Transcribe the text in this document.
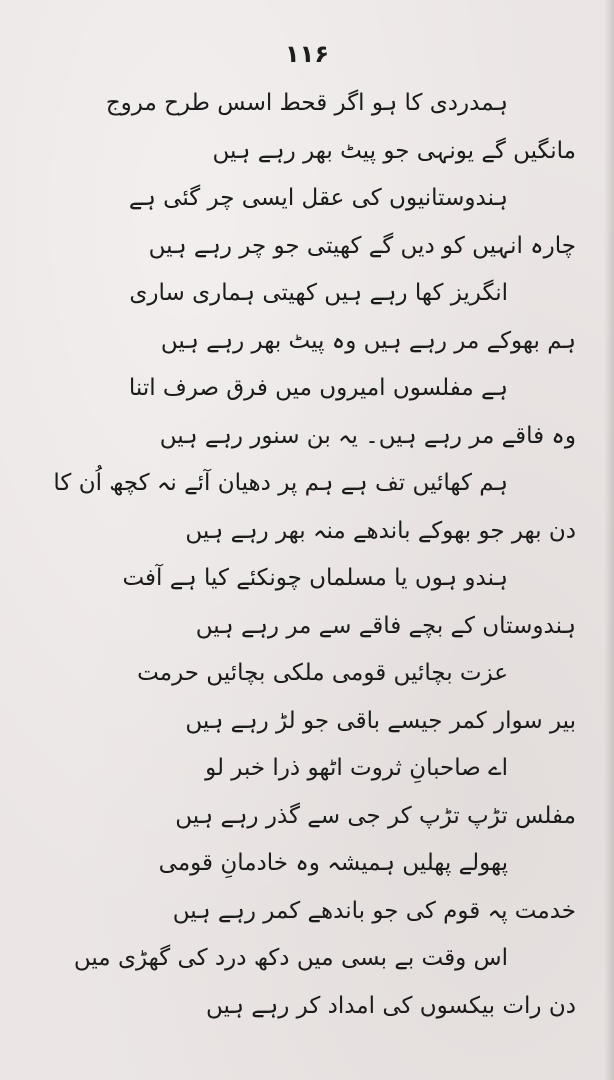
۱۱۶
ہمدردی کا ہو اگر قحط اسس طرح مروج
مانگیں گے یونہی جو پیٹ بھر رہے ہیں
ہندوستانیوں کی عقل ایسی چر گئی ہے
چارہ انہیں کو دیں گے کھیتی جو چر رہے ہیں
انگریز کھا رہے ہیں کھیتی ہماری ساری
ہم بھوکے مر رہے ہیں وہ پیٹ بھر رہے ہیں
ہے مفلسوں امیروں میں فرق صرف اتنا
وہ فاقے مر رہے ہیں۔ یہ بن سنور رہے ہیں
ہم کھائیں تف ہے ہم پر دھیان آئے نہ کچھ اُن کا
دن بھر جو بھوکے باندھے منہ بھر رہے ہیں
ہندو ہوں یا مسلماں چونکئے کیا ہے آفت
ہندوستاں کے بچے فاقے سے مر رہے ہیں
عزت بچائیں قومی ملکی بچائیں حرمت
بیر سوار کمر جیسے باقی جو لڑ رہے ہیں
اے صاحبانِ ثروت اٹھو ذرا خبر لو
مفلس تڑپ تڑپ کر جی سے گذر رہے ہیں
پھولے پھلیں ہمیشہ وہ خادمانِ قومی
خدمت پہ قوم کی جو باندھے کمر رہے ہیں
اس وقت بے بسی میں دکھ درد کی گھڑی میں
دن رات بیکسوں کی امداد کر رہے ہیں
